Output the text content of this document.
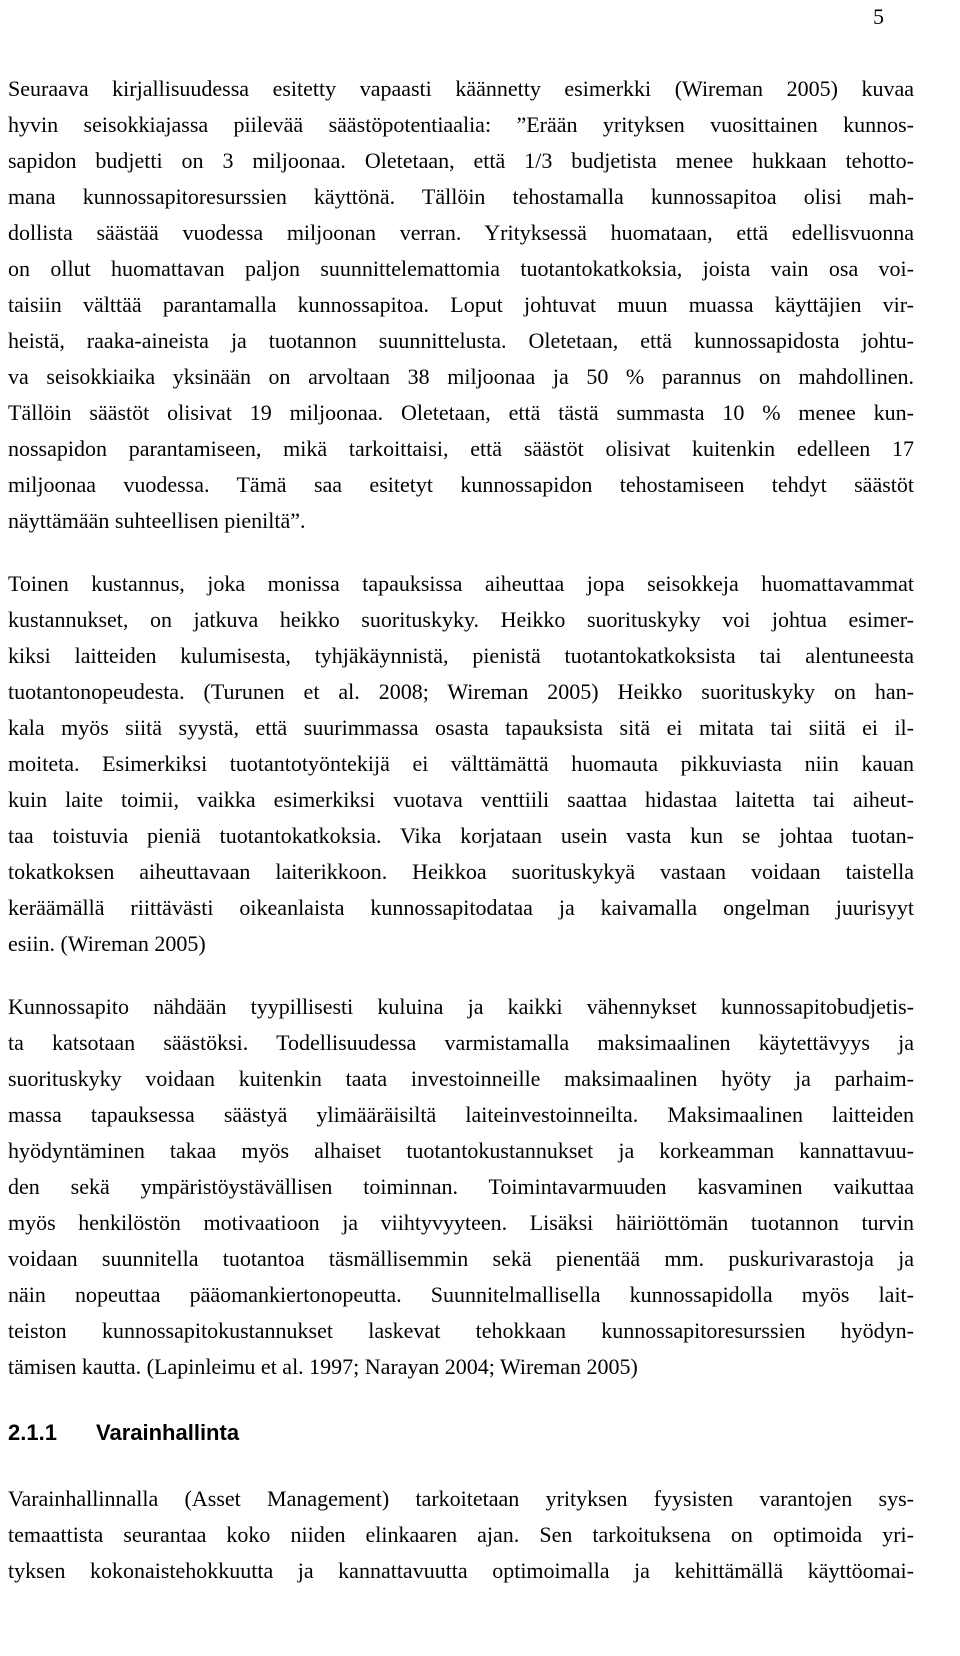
5
Seuraava kirjallisuudessa esitetty vapaasti käännetty esimerkki (Wireman 2005) kuvaa
hyvin seisokkiajassa piilevää säästöpotentiaalia: ”Erään yrityksen vuosittainen kunnos-
sapidon budjetti on 3 miljoonaa. Oletetaan, että 1/3 budjetista menee hukkaan tehotto-
mana kunnossapitoresurssien käyttönä. Tällöin tehostamalla kunnossapitoa olisi mah-
dollista säästää vuodessa miljoonan verran. Yrityksessä huomataan, että edellisvuonna
on ollut huomattavan paljon suunnittelemattomia tuotantokatkoksia, joista vain osa voi-
taisiin välttää parantamalla kunnossapitoa. Loput johtuvat muun muassa käyttäjien vir-
heistä, raaka-aineista ja tuotannon suunnittelusta. Oletetaan, että kunnossapidosta johtu-
va seisokkiaika yksinään on arvoltaan 38 miljoonaa ja 50 % parannus on mahdollinen.
Tällöin säästöt olisivat 19 miljoonaa. Oletetaan, että tästä summasta 10 % menee kun-
nossapidon parantamiseen, mikä tarkoittaisi, että säästöt olisivat kuitenkin edelleen 17
miljoonaa vuodessa. Tämä saa esitetyt kunnossapidon tehostamiseen tehdyt säästöt
näyttämään suhteellisen pieniltä”.
Toinen kustannus, joka monissa tapauksissa aiheuttaa jopa seisokkeja huomattavammat
kustannukset, on jatkuva heikko suorituskyky. Heikko suorituskyky voi johtua esimer-
kiksi laitteiden kulumisesta, tyhjäkäynnistä, pienistä tuotantokatkoksista tai alentuneesta
tuotantonopeudesta. (Turunen et al. 2008; Wireman 2005) Heikko suorituskyky on han-
kala myös siitä syystä, että suurimmassa osasta tapauksista sitä ei mitata tai siitä ei il-
moiteta. Esimerkiksi tuotantotyöntekijä ei välttämättä huomauta pikkuviasta niin kauan
kuin laite toimii, vaikka esimerkiksi vuotava venttiili saattaa hidastaa laitetta tai aiheut-
taa toistuvia pieniä tuotantokatkoksia. Vika korjataan usein vasta kun se johtaa tuotan-
tokatkoksen aiheuttavaan laiterikkoon. Heikkoa suorituskykyä vastaan voidaan taistella
keräämällä riittävästi oikeanlaista kunnossapitodataa ja kaivamalla ongelman juurisyyt
esiin. (Wireman 2005)
Kunnossapito nähdään tyypillisesti kuluina ja kaikki vähennykset kunnossapitobudjetis-
ta katsotaan säästöksi. Todellisuudessa varmistamalla maksimaalinen käytettävyys ja
suorituskyky voidaan kuitenkin taata investoinneille maksimaalinen hyöty ja parhaim-
massa tapauksessa säästyä ylimääräisiltä laiteinvestoinneilta. Maksimaalinen laitteiden
hyödyntäminen takaa myös alhaiset tuotantokustannukset ja korkeamman kannattavuu-
den sekä ympäristöystävällisen toiminnan. Toimintavarmuuden kasvaminen vaikuttaa
myös henkilöstön motivaatioon ja viihtyvyyteen. Lisäksi häiriöttömän tuotannon turvin
voidaan suunnitella tuotantoa täsmällisemmin sekä pienentää mm. puskurivarastoja ja
näin nopeuttaa pääomankiertonopeutta. Suunnitelmallisella kunnossapidolla myös lait-
teiston kunnossapitokustannukset laskevat tehokkaan kunnossapitoresurssien hyödyn-
tämisen kautta. (Lapinleimu et al. 1997; Narayan 2004; Wireman 2005)
2.1.1 Varainhallinta
Varainhallinnalla (Asset Management) tarkoitetaan yrityksen fyysisten varantojen sys-
temaattista seurantaa koko niiden elinkaaren ajan. Sen tarkoituksena on optimoida yri-
tyksen kokonaistehokkuutta ja kannattavuutta optimoimalla ja kehittämällä käyttöomai-
